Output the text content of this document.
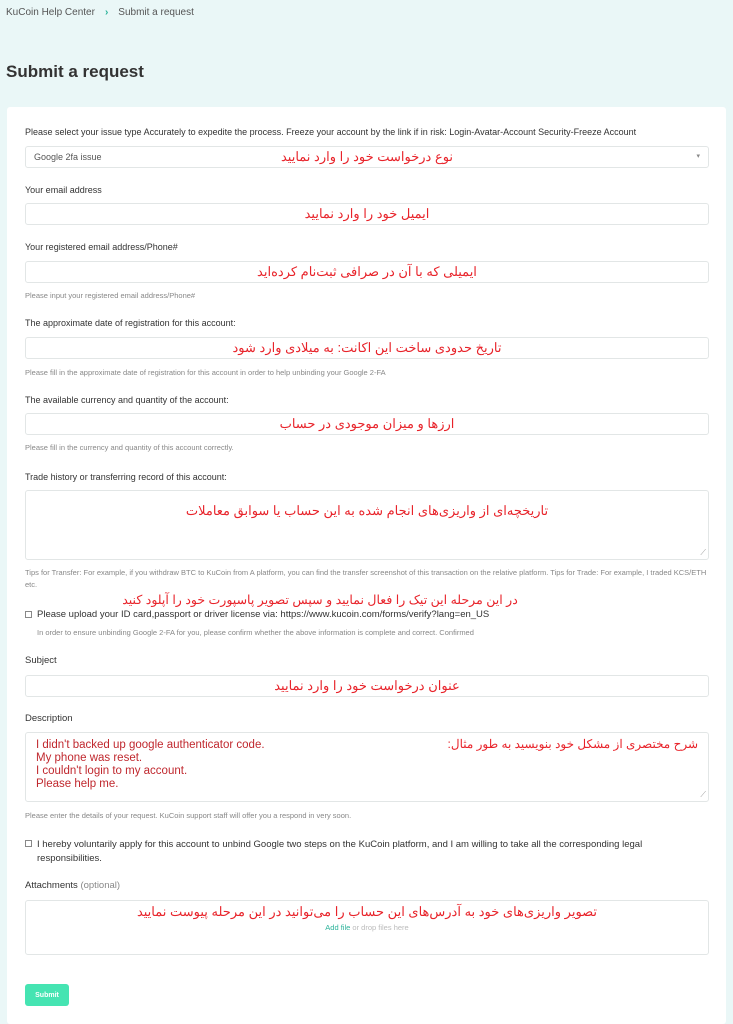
KuCoin Help Center › Submit a request
Submit a request
Please select your issue type Accurately to expedite the process. Freeze your account by the link if in risk: Login-Avatar-Account Security-Freeze Account
Google 2fa issue	نوع درخواست خود را وارد نمایید	▾
Your email address
ایمیل خود را وارد نمایید
Your registered email address/Phone#
ایمیلی که با آن در صرافی ثبت‌نام کرده‌اید
Please input your registered email address/Phone#
The approximate date of registration for this account:
تاریخ حدودی ساخت این اکانت: به میلادی وارد شود
Please fill in the approximate date of registration for this account in order to help unbinding your Google 2-FA
The available currency and quantity of the account:
ارزها و میزان موجودی در حساب
Please fill in the currency and quantity of this account correctly.
Trade history or transferring record of this account:
تاریخچه‌ای از واریزی‌های انجام شده به این حساب یا سوابق معاملات
⟋
Tips for Transfer: For example, if you withdraw BTC to KuCoin from A platform, you can find the transfer screenshot of this transaction on the relative platform. Tips for Trade: For example, I traded KCS/ETH etc.
در این مرحله این تیک را فعال نمایید و سپس تصویر پاسپورت خود را آپلود کنید
Please upload your ID card,passport or driver license via: https://www.kucoin.com/forms/verify?lang=en_US
In order to ensure unbinding Google 2-FA for you, please confirm whether the above information is complete and correct. Confirmed
Subject
عنوان درخواست خود را وارد نمایید
Description
I didn't backed up google authenticator code.
My phone was reset.
I couldn't login to my account.
Please help me.
شرح مختصری از مشکل خود بنویسید به طور مثال:
⟋
Please enter the details of your request. KuCoin support staff will offer you a respond in very soon.
I hereby voluntarily apply for this account to unbind Google two steps on the KuCoin platform, and I am willing to take all the corresponding legal responsibilities.
Attachments (optional)
تصویر واریزی‌های خود به آدرس‌های این حساب را می‌توانید در این مرحله پیوست نمایید
Add file or drop files here
Submit
